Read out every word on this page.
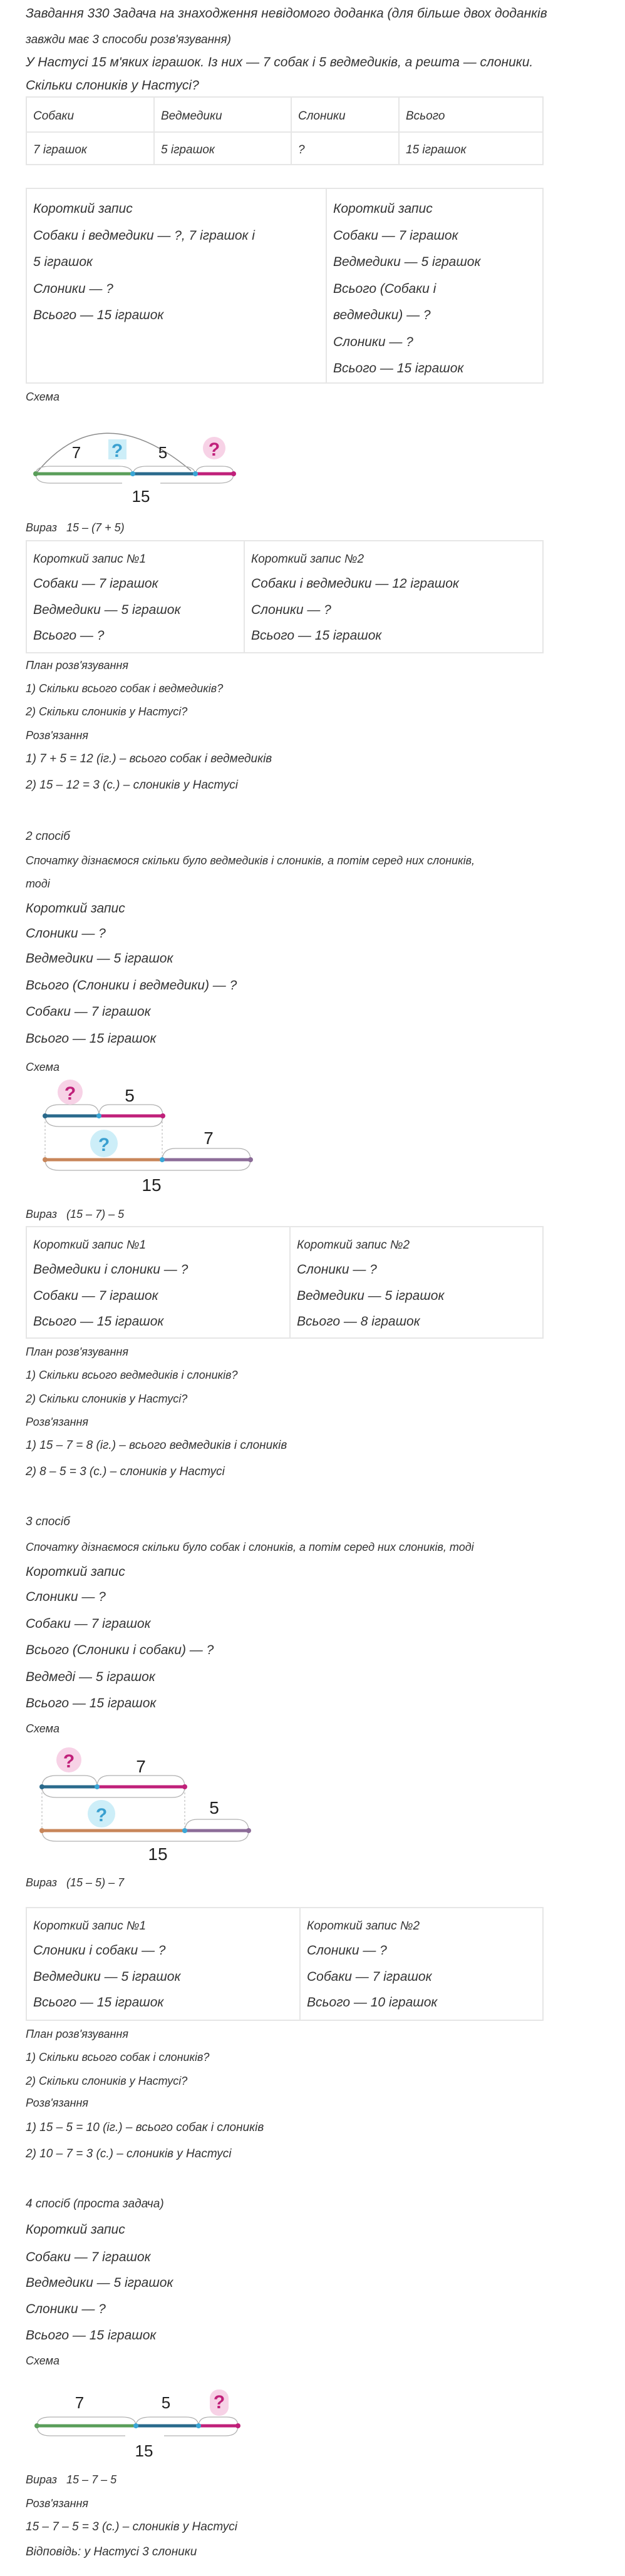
Завдання 330 Задача на знаходження невідомого доданка (для більше двох доданків
завжди має 3 способи розв'язування)
У Настусі 15 м'яких іграшок. Із них — 7 собак і 5 ведмедиків, а решта — слоники.
Скільки слоників у Настусі?
Собаки	Ведмедики	Слоники	Всього
7 іграшок	5 іграшок	?	15 іграшок
Короткий запис
Собаки і ведмедики — ?, 7 іграшок і
5 іграшок
Слоники — ?
Всього — 15 іграшок
Короткий запис
Собаки — 7 іграшок
Ведмедики — 5 іграшок
Всього (Собаки і
ведмедики) — ?
Слоники — ?
Всього — 15 іграшок
Схема
7 ? 5 ?
15
Вираз 15 – (7 + 5)
Короткий запис №1
Собаки — 7 іграшок
Ведмедики — 5 іграшок
Всього — ?
Короткий запис №2
Собаки і ведмедики — 12 іграшок
Слоники — ?
Всього — 15 іграшок
План розв'язування
1) Скільки всього собак і ведмедиків?
2) Скільки слоників у Настусі?
Розв'язання
1) 7 + 5 = 12 (іг.) – всього собак і ведмедиків
2) 15 – 12 = 3 (с.) – слоників у Настусі
2 спосіб
Спочатку дізнаємося скільки було ведмедиків і слоників, а потім серед них слоників,
тоді
Короткий запис
Слоники — ?
Ведмедики — 5 іграшок
Всього (Слоники і ведмедики) — ?
Собаки — 7 іграшок
Всього — 15 іграшок
Схема
?	5
?	7
15
Вираз (15 – 7) – 5
Короткий запис №1
Ведмедики і слоники — ?
Собаки — 7 іграшок
Всього — 15 іграшок
Короткий запис №2
Слоники — ?
Ведмедики — 5 іграшок
Всього — 8 іграшок
План розв'язування
1) Скільки всього ведмедиків і слоників?
2) Скільки слоників у Настусі?
Розв'язання
1) 15 – 7 = 8 (іг.) – всього ведмедиків і слоників
2) 8 – 5 = 3 (с.) – слоників у Настусі
3 спосіб
Спочатку дізнаємося скільки було собак і слоників, а потім серед них слоників, тоді
Короткий запис
Слоники — ?
Собаки — 7 іграшок
Всього (Слоники і собаки) — ?
Ведмеді — 5 іграшок
Всього — 15 іграшок
Схема
?	7
?	5
15
Вираз (15 – 5) – 7
Короткий запис №1
Слоники і собаки — ?
Ведмедики — 5 іграшок
Всього — 15 іграшок
Короткий запис №2
Слоники — ?
Собаки — 7 іграшок
Всього — 10 іграшок
План розв'язування
1) Скільки всього собак і слоників?
2) Скільки слоників у Настусі?
Розв'язання
1) 15 – 5 = 10 (іг.) – всього собак і слоників
2) 10 – 7 = 3 (с.) – слоників у Настусі
4 спосіб (проста задача)
Короткий запис
Собаки — 7 іграшок
Ведмедики — 5 іграшок
Слоники — ?
Всього — 15 іграшок
Схема
7	5 ?
15
Вираз 15 – 7 – 5
Розв'язання
15 – 7 – 5 = 3 (с.) – слоників у Настусі
Відповідь: у Настусі 3 слоники
